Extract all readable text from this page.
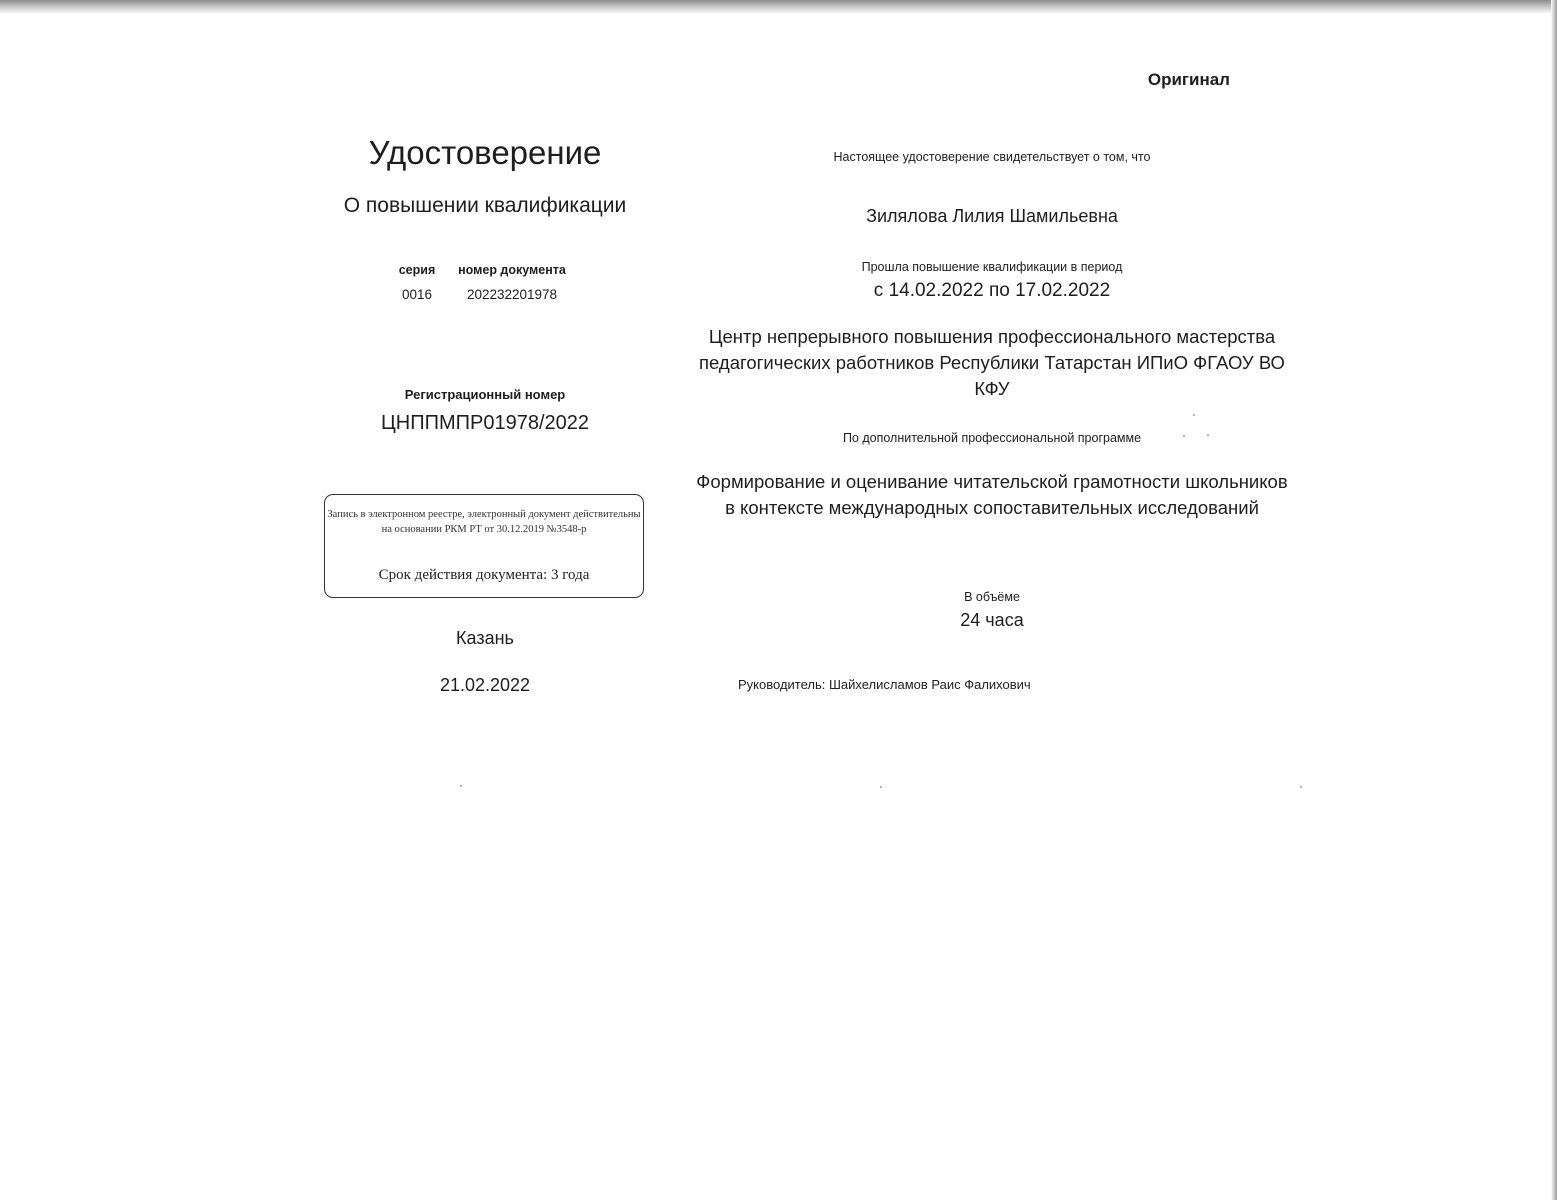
Оригинал
Удостоверение
О повышении квалификации
серия
0016
номер документа
202232201978
Регистрационный номер
ЦНППМПР01978/2022
Запись в электронном реестре, электронный документ действительны на основании РКМ РТ от 30.12.2019 №3548-р
Срок действия документа: 3 года
Казань
21.02.2022
Настоящее удостоверение свидетельствует о том, что
Зилялова Лилия Шамильевна
Прошла повышение квалификации в период
с 14.02.2022 по 17.02.2022
Центр непрерывного повышения профессионального мастерства педагогических работников Республики Татарстан ИПиО ФГАОУ ВО КФУ
По дополнительной профессиональной программе
Формирование и оценивание читательской грамотности школьников в контексте международных сопоставительных исследований
В объёме
24 часа
Руководитель: Шайхелисламов Раис Фалихович
